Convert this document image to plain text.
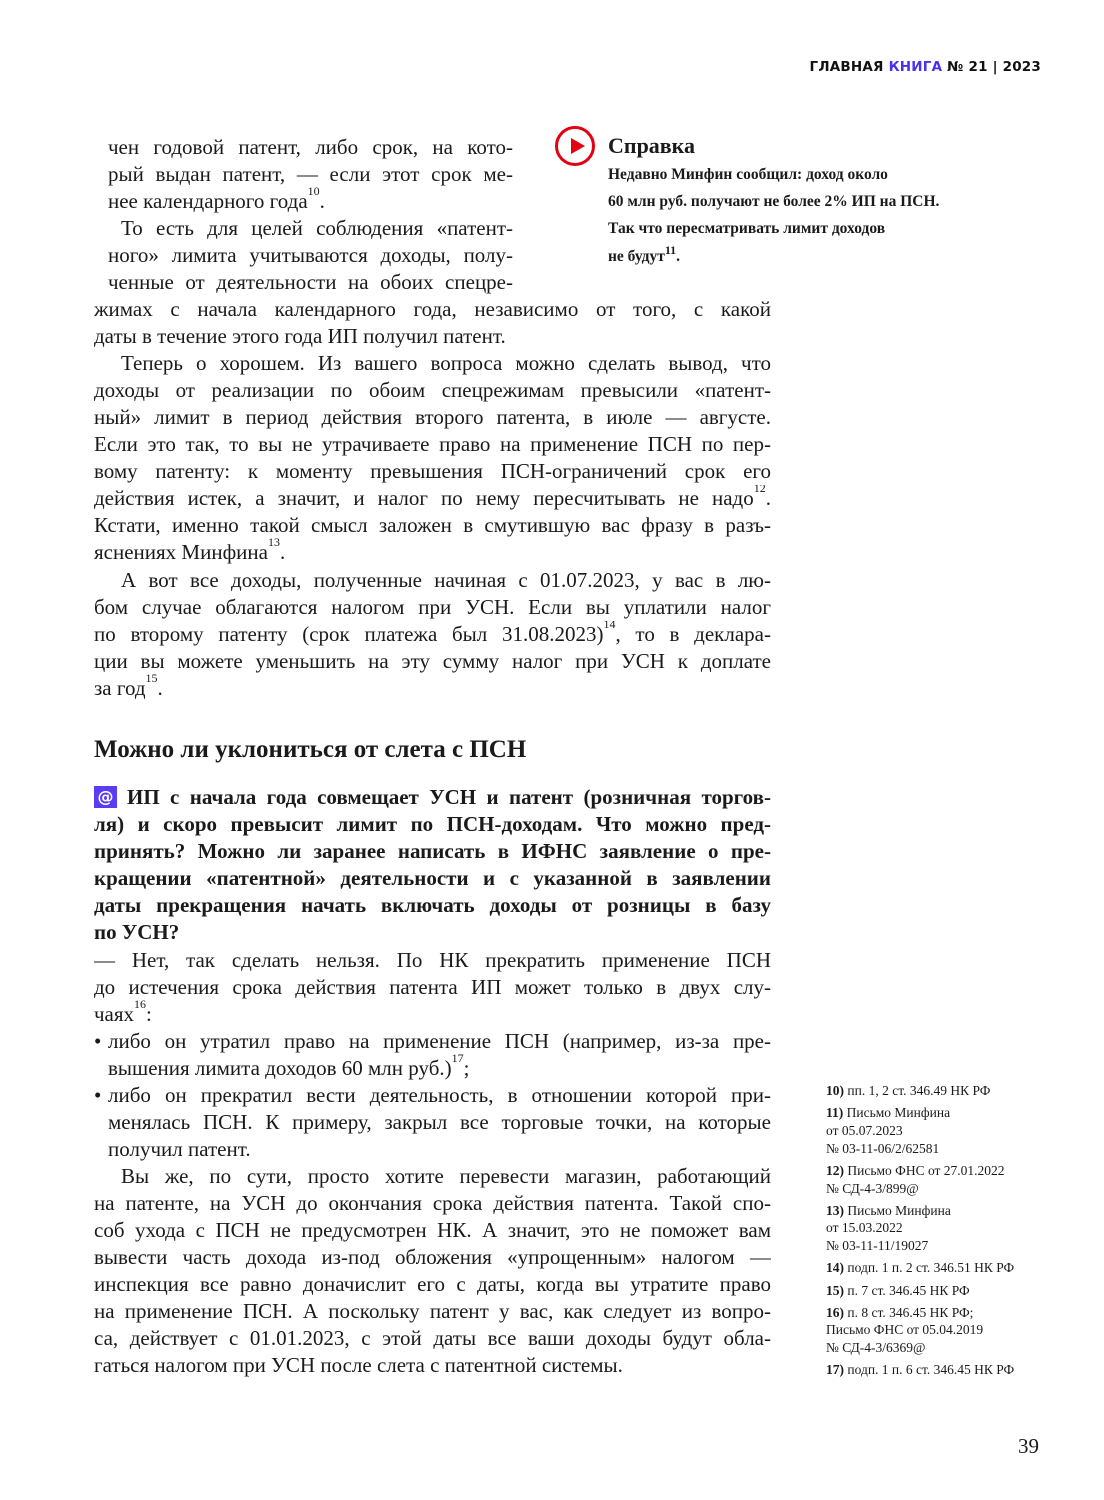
ГЛАВНАЯ КНИГА № 21 | 2023
Справка
Недавно Минфин сообщил: доход около
60 млн руб. получают не более 2% ИП на ПСН.
Так что пересматривать лимит доходов
не будут$^{11}$.
чен годовой патент, либо срок, на кото-
рый выдан патент, — если этот срок ме-
нее календарного года$^{10}$.
То есть для целей соблюдения «патент-
ного» лимита учитываются доходы, полу-
ченные от деятельности на обоих спецре-
жимах с начала календарного года, независимо от того, с какой
даты в течение этого года ИП получил патент.
Теперь о хорошем. Из вашего вопроса можно сделать вывод, что
доходы от реализации по обоим спецрежимам превысили «патент-
ный» лимит в период действия второго патента, в июле — августе.
Если это так, то вы не утрачиваете право на применение ПСН по пер-
вому патенту: к моменту превышения ПСН-ограничений срок его
действия истек, а значит, и налог по нему пересчитывать не надо$^{12}$.
Кстати, именно такой смысл заложен в смутившую вас фразу в разъ-
яснениях Минфина$^{13}$.
А вот все доходы, полученные начиная с 01.07.2023, у вас в лю-
бом случае облагаются налогом при УСН. Если вы уплатили налог
по второму патенту (срок платежа был 31.08.2023)$^{14}$, то в деклара-
ции вы можете уменьшить на эту сумму налог при УСН к доплате
за год$^{15}$.
ИП с начала года совмещает УСН и патент (розничная торгов-
ля) и скоро превысит лимит по ПСН-доходам. Что можно пред-
принять? Можно ли заранее написать в ИФНС заявление о пре-
кращении «патентной» деятельности и с указанной в заявлении
даты прекращения начать включать доходы от розницы в базу
по УСН?
— Нет, так сделать нельзя. По НК прекратить применение ПСН
до истечения срока действия патента ИП может только в двух слу-
чаях$^{16}$:
• либо он утратил право на применение ПСН (например, из-за пре-
вышения лимита доходов 60 млн руб.)$^{17}$;
• либо он прекратил вести деятельность, в отношении которой при-
менялась ПСН. К примеру, закрыл все торговые точки, на которые
получил патент.
Вы же, по сути, просто хотите перевести магазин, работающий
на патенте, на УСН до окончания срока действия патента. Такой спо-
соб ухода с ПСН не предусмотрен НК. А значит, это не поможет вам
вывести часть дохода из-под обложения «упрощенным» налогом —
инспекция все равно доначислит его с даты, когда вы утратите право
на применение ПСН. А поскольку патент у вас, как следует из вопро-
са, действует с 01.01.2023, с этой даты все ваши доходы будут обла-
гаться налогом при УСН после слета с патентной системы.
Можно ли уклониться от слета с ПСН
@
10) пп. 1, 2 ст. 346.49 НК РФ
11) Письмо Минфина
от 05.07.2023
№ 03-11-06/2/62581
12) Письмо ФНС от 27.01.2022
№ СД-4-3/899@
13) Письмо Минфина
от 15.03.2022
№ 03-11-11/19027
14) подп. 1 п. 2 ст. 346.51 НК РФ
15) п. 7 ст. 346.45 НК РФ
16) п. 8 ст. 346.45 НК РФ;
Письмо ФНС от 05.04.2019
№ СД-4-3/6369@
17) подп. 1 п. 6 ст. 346.45 НК РФ
39
